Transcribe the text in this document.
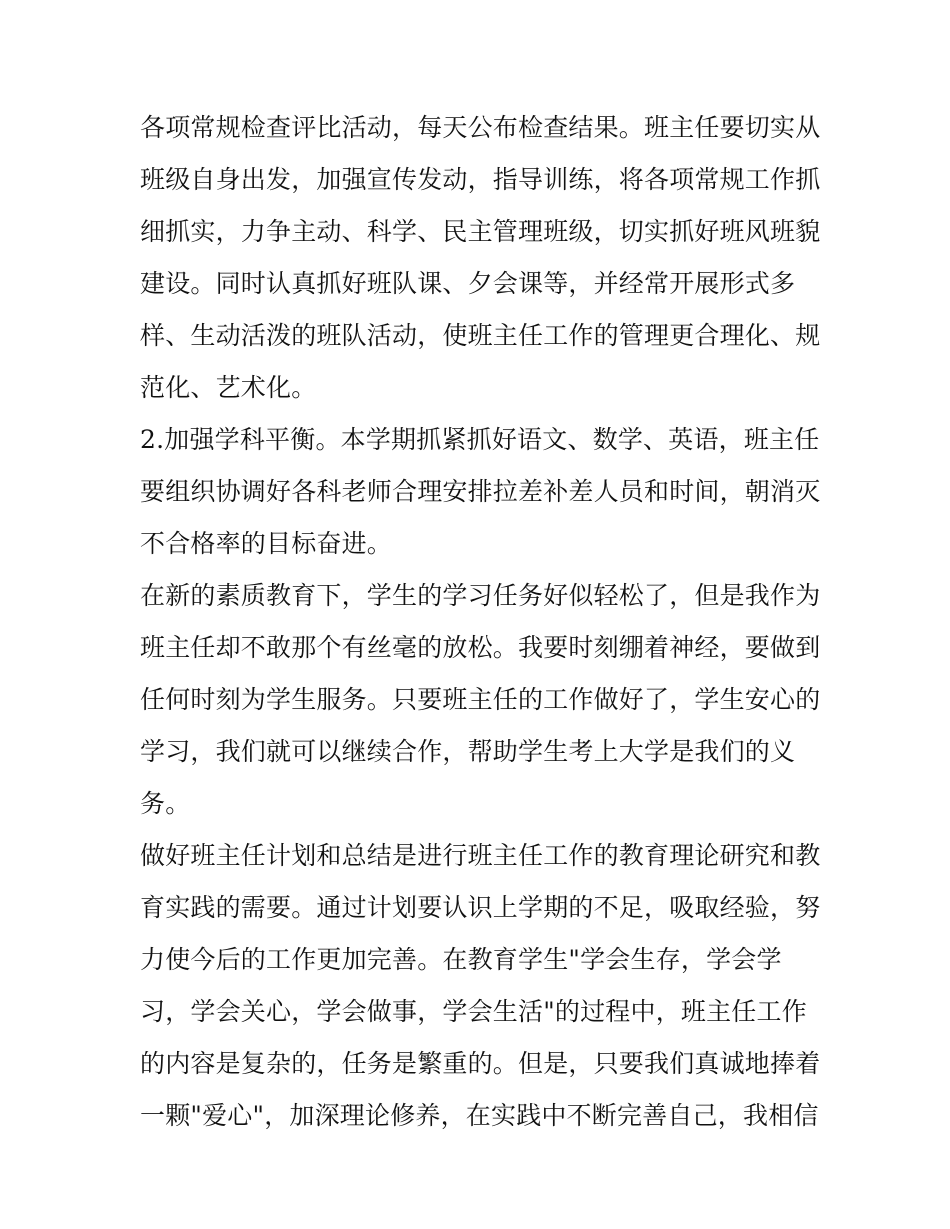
各项常规检查评比活动，每天公布检查结果。班主任要切实从
班级自身出发，加强宣传发动，指导训练，将各项常规工作抓
细抓实，力争主动、科学、民主管理班级，切实抓好班风班貌
建设。同时认真抓好班队课、夕会课等，并经常开展形式多
样、生动活泼的班队活动，使班主任工作的管理更合理化、规
范化、艺术化。
2.加强学科平衡。本学期抓紧抓好语文、数学、英语，班主任
要组织协调好各科老师合理安排拉差补差人员和时间，朝消灭
不合格率的目标奋进。
在新的素质教育下，学生的学习任务好似轻松了，但是我作为
班主任却不敢那个有丝毫的放松。我要时刻绷着神经，要做到
任何时刻为学生服务。只要班主任的工作做好了，学生安心的
学习，我们就可以继续合作，帮助学生考上大学是我们的义
务。
做好班主任计划和总结是进行班主任工作的教育理论研究和教
育实践的需要。通过计划要认识上学期的不足，吸取经验，努
力使今后的工作更加完善。在教育学生"学会生存，学会学
习，学会关心，学会做事，学会生活"的过程中，班主任工作
的内容是复杂的，任务是繁重的。但是，只要我们真诚地捧着
一颗"爱心"，加深理论修养，在实践中不断完善自己，我相信
